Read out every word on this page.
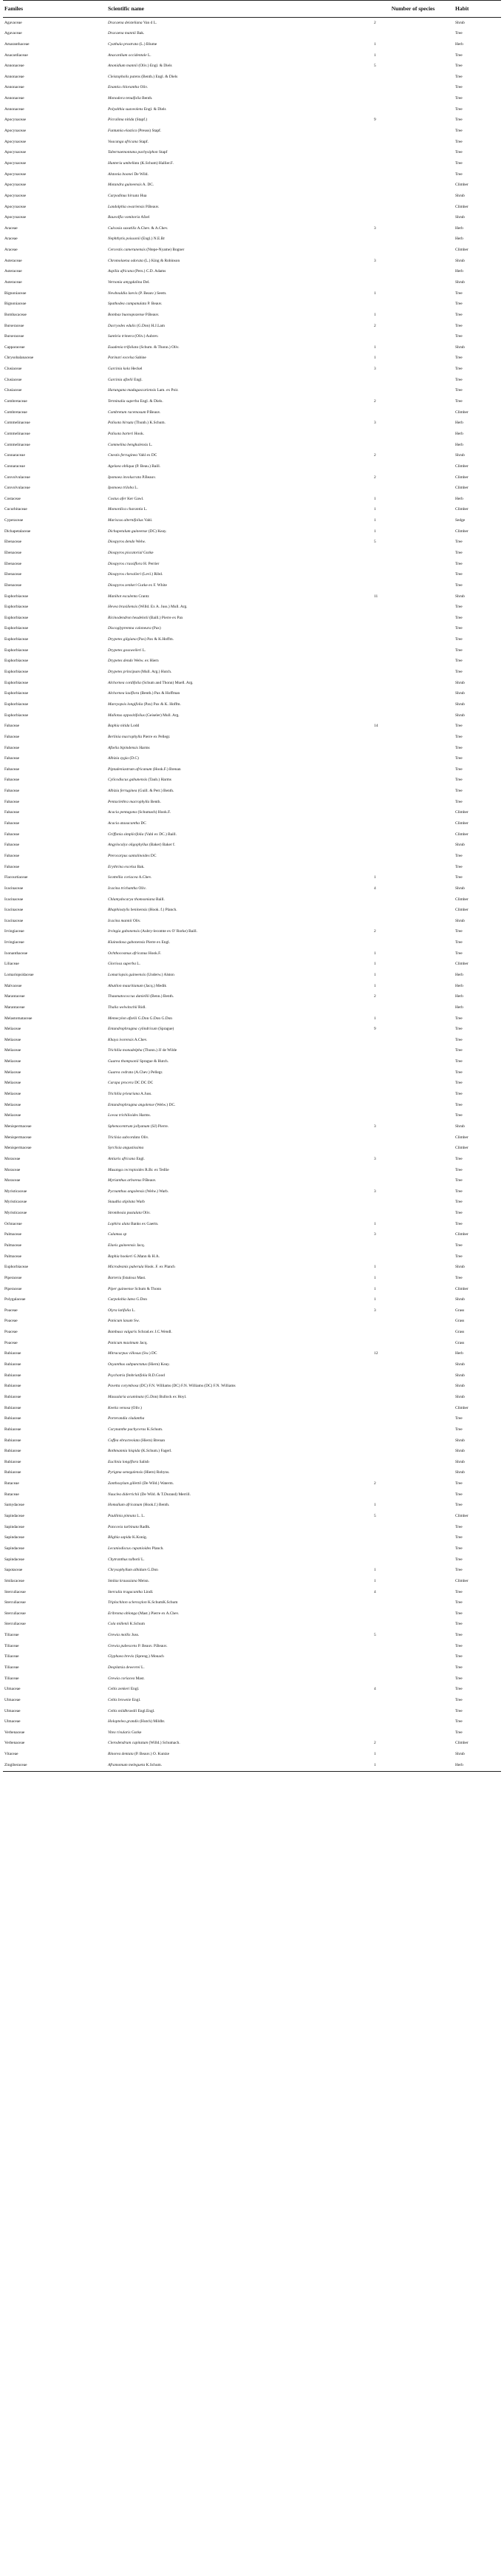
Familes	Scientific name	Number of species	Habit
Agavaceae	Dracaena deisteliana Van d L.	2	Shrub
Agavaceae	Dracaena mannii Bak.		Tree
Amaranthaceae	Cyathula prostrata (L.) Blume	1	Herb
Anacardiaceae	Anacardium occidentale L.	1	Tree
Annonaceae	Anonidium mannii (Oliv.) Engl. & Diels	5	Tree
Annonaceae	Cleistopholis patens (Benth.) Engl. & Diels		Tree
Annonaceae	Enantia chlorantha Oliv.		Tree
Annonaceae	Monodora tenuifolia Benth.		Tree
Annonaceae	Polyalthia suaveolens Engl. & Diels		Tree
Apocynaceae	Picralima nitida (Stapf.)	9	Tree
Apocynaceae	Funtumia elastica (Preuss) Stapf.		Tree
Apocynaceae	Voacanga africana Stapf.		Tree
Apocynaceae	Tabernaemontana pachysiphon Stapf		Tree
Apocynaceae	Hunteria umbellata (K.Schum) Hallier.F.		Tree
Apocynaceae	Alstonia boonei De Wild.		Tree
Apocynaceae	Motandra guineensis A. DC.		Climber
Apocynaceae	Carpodinus hirsuta Hua		Shrub
Apocynaceae	Landolphia owariensis P.Beauv.		Climber
Apocynaceae	Rauvolfia vomitoria Afzel		Shrub
Araceae	Culcasia saxatilis A.Chev. & A.Chev.	3	Herb
Araceae	Nephthytis poissonii (Engl.) N.E.Br		Herb
Araceae	Cercestis camerunensis (Ntepe-Nyame) Bogner		Climber
Asteraceae	Chromolaena odorata (L.) King & Robinson	3	Shrub
Asteraceae	Aspilia africana (Pers.) C.D. Adams		Herb
Asteraceae	Vernonia amygdalina Del.		Shrub
Bignoniaceae	Newbouldia laevis (P. Beauv.) Seem.	1	Tree
Bignoniaceae	Spathodea campanulata P. Beauv.		Tree
Bombacaceae	Bombax buonopozense P.Beauv.	1	Tree
Burseraceae	Dacryodes edulis (G.Don) H.J.Lam	2	Tree
Burseraceae	Santiria trimera (Oliv.) Aubrev.		Tree
Capparaceae	Euadenia trifoliata (Schum. & Thonn.) Oliv.	1	Shrub
Chrysobalanaceae	Parinari excelsa Sabine	1	Tree
Clusiaceae	Garcinia kola Heckel	3	Tree
Clusiaceae	Garcinia afzelii Engl.		Tree
Clusiaceae	Harungana madagascariensis Lam. ex Poir.		Tree
Combretaceae	Terminalia superba Engl. & Diels.	2	Tree
Combretaceae	Combretum racemosum P.Beauv.		Climber
Commelinaceae	Palisota hirsuta (Thunb.) K.Schum.	3	Herb
Commelinaceae	Palisota barteri Hook.		Herb
Commelinaceae	Commelina benghalensis L.		Herb
Connaraceae	Cnestis ferruginea Vahl ex DC	2	Shrub
Connaraceae	Agelaea obliqua (P. Beau.) Baill.		Climber
Convolvulaceae	Ipomoea involucrata P.Beauv.	2	Climber
Convolvulaceae	Ipomoea triloba L.		Climber
Costaceae	Costus afer Ker Gawl.	1	Herb
Cucurbitaceae	Momordica charantia L.	1	Climber
Cyperaceae	Mariscus alternifolius Vahl.	1	Sedge
Dichapetalaceae	Dichapetalum guineense (DC) Keay.	1	Climber
Ebenaceae	Diospyros dendo Welw.	5	Tree
Ebenaceae	Diospyros piscatorial Gurke		Tree
Ebenaceae	Diospyros crassiflora H. Perrier		Tree
Ebenaceae	Diospyros chevalieri (Levl.) Ribd.		Tree
Ebenaceae	Diospyros zenkeri Gurke ex F. White		Tree
Euphorbiaceae	Manihot esculenta Crantz	11	Shrub
Euphorbiaceae	Hevea brasiliensis (Willd. Ex A. Juss.) Mull. Arg.		Tree
Euphorbiaceae	Ricinodendron heudelotii (Baill.) Pierre ex Pax		Tree
Euphorbiaceae	Discoglypremna caloneura (Pax)		Tree
Euphorbiaceae	Drypetes gilgiana (Pax) Pax & K.Hoffm.		Tree
Euphorbiaceae	Drypetes gossweileri L.		Tree
Euphorbiaceae	Drypetes dendo Welw. ex Hiern		Tree
Euphorbiaceae	Drypetes principum (Mull. Arg.) Hutch.		Tree
Euphorbiaceae	Alchornea cordifolia (Schum and Thonn) Muell. Arg.		Shrub
Euphorbiaceae	Alchornea laxiflora (Benth.) Pax & Hoffman		Shrub
Euphorbiaceae	Mareyopsis longifolia (Pax) Pax & K. Hoffm.		Shrub
Euphorbiaceae	Mallotus oppositifolius (Geiseler) Mull. Arg.		Shrub
Fabaceae	Baphia nitida Lodd	14	Tree
Fabaceae	Berlinia macrophylla Pierre ex Pellegr.		Tree
Fabaceae	Afzelia bipindensis Harms		Tree
Fabaceae	Albizia zygia (D.C)		Tree
Fabaceae	Piptadeniastrum africanum (Hook.F.) Brenan		Tree
Fabaceae	Cylicodiscus gabunensis (Taub.) Harms		Tree
Fabaceae	Albizia ferruginea (Guill. & Perr.) Benth.		Tree
Fabaceae	Pentaclethra macrophylla Benth.		Tree
Fabaceae	Acacia pentagona (Schumach) Hook.F.		Climber
Fabaceae	Acacia ataxacantha DC		Climber
Fabaceae	Griffonia simplicifolia (Vahl ex DC.) Baill.		Climber
Fabaceae	Angylocalyx oligophyllus (Baker) Baker f.		Shrub
Fabaceae	Pterocarpus santalinoides DC		Tree
Fabaceae	Erythrina excelsa Bak.		Tree
Flacourtiaceae	Scottellia coriacea A.Chev.	1	Tree
Icacinaceae	Icacina trichantha Oliv.	4	Shrub
Icacinaceae	Chlamydocarya thomsoniana Baill.		Climber
Icacinaceae	Rhaphiostylis beninensis (Hook. f.) Planch.		Climber
Icacinaceae	Icacina mannii Oliv.		Shrub
Irvingiaceae	Irvingia gabonensis (Aubry-lecomte ex O' Rorke) Baill.	2	Tree
Irvingiaceae	Klainedoxa gabonensis Pierre ex Engl.		Tree
Ixonanthaceae	Ochthocosmus africanus Hook.F.	1	Tree
Liliaceae	Gloriosa superba L.	1	Climber
Lomariopsidaceae	Lomariopsis guineensis (Underw.) Alston	1	Herb
Malvaceae	Abutilon mauritianum (Jacq.) Medik	1	Herb
Marantaceae	Thaumatococcus daniellii (Benn.) Benth.	2	Herb
Marantaceae	Thalia welwitschii Ridl.		Herb
Melastomataceae	Memecylon afzelii G.Don G.Don G.Don	1	Tree
Meliaceae	Entandrophragma cylindricum (Sprague)	9	Tree
Meliaceae	Khaya ivorensis A.Chev.		Tree
Meliaceae	Trichilia monadelpha (Thonn.) JJ de Wilde		Tree
Meliaceae	Guarea thompsonii Sprague & Hutch.		Tree
Meliaceae	Guarea cedrata (A.Chev.) Pellegr.		Tree
Meliaceae	Carapa procera DC DC DC		Tree
Meliaceae	Trichilia prieuriana A.Juss.		Tree
Meliaceae	Entandrophragma angolense (Welw.) DC.		Tree
Meliaceae	Lovoa trichilioides Harms.		Tree
Menispermaceae	Sphenocentrum jollyanum (SJ) Pierre.	3	Shrub
Menispermaceae	Triclisia subcordata Oliv.		Climber
Menispermaceae	Syrclisia angustissima		Climber
Moraceae	Antiaris africana Engl.	3	Tree
Moraceae	Musanga cecropioides R.Br. ex Tedlie		Tree
Moraceae	Myrianthus arboreus P.Beauv.		Tree
Myristicaceae	Pycnanthus angolensis (Welw.) Warb.	3	Tree
Myristicaceae	Staudtia stipitata Warb		Tree
Myristicaceae	Strombosia pustulata Oliv.		Tree
Ochnaceae	Lophira alata Banks ex Gaertn.	1	Tree
Palmaceae	Calamus sp	3	Climber
Palmaceae	Elaeis guineensis Jacq.		Tree
Palmaceae	Raphia hookeri G.Mann & H.A.		Tree
Euphorbiaceae	Microdesmis puberula Hook .F. ex Planch	1	Shrub
Piperaceae	Barteria fistulosa Mast.	1	Tree
Piperaceae	Piper guineense Schum & Thonn	1	Climber
Polygalaceae	Carpolobia lutea G.Don	1	Shrub
Poaceae	Olyra latifolia L.	3	Grass
Poaceae	Panicum laxum Sw.		Grass
Poaceae	Bambusa vulgaris Schrad.ex J.C.Wendl.		Grass
Poaceae	Panicum maximum Jacq.		Grass
Rubiaceae	Mitracarpus villosus (Sw.) DC	12	Herb
Rubiaceae	Oxyanthus subpunctatus (Hiern) Keay.		Shrub
Rubiaceae	Psychotria fimbriatifolia R.D.Good		Shrub
Rubiaceae	Pavetta corymbosa (DC) F.N. Williams (DC) F.N. Williams (DC) F.N. Williams		Shrub
Rubiaceae	Massularia acuminata (G.Don) Bullock ex Hoyl.		Shrub
Rubiaceae	Keetia venosa (Oliv.)		Climber
Rubiaceae	Porterandia cladantha		Tree
Rubiaceae	Corynanthe pachyceras K.Schum.		Tree
Rubiaceae	Coffea ebracteolata (Hiern) Brenan		Shrub
Rubiaceae	Rothmannia hispida (K.Schum.) Fagerl.		Shrub
Rubiaceae	Euclinia longiflora Salisb		Shrub
Rubiaceae	Pyrigma senegalensis (Hiern) Robyns.		Shrub
Rutaceae	Zanthoxylum gillettii (De Wild.) Waterm.	2	Tree
Rutaceae	Nauclea diderrichii (De Wild. & T.Durand) Merrill.		Tree
Samydaceae	Homalium africanum (Hook.f.) Benth.	1	Tree
Sapindaceae	Paullinia pinnata L. L.	5	Climber
Sapindaceae	Pancovia turbinata Radlk.		Tree
Sapindaceae	Blighia sapida K.Konig.		Tree
Sapindaceae	Lecaniodiscus cupanioides Planch.		Tree
Sapindaceae	Chytranthus talbotii L.		Tree
Sapotaceae	Chrysophyllum albidum G.Don	1	Tree
Smilacaceae	Smilax kraussiana Meisn.	1	Climber
Sterculiaceae	Sterculia tragacantha Lindl.	4	Tree
Sterculiaceae	Triplochiton scleroxylon K.SchumK.Schum		Tree
Sterculiaceae	Eribroma oblonga (Mast.) Pierre ex A.Chev.		Tree
Sterculiaceae	Cola millenii K.Schum		Tree
Tiliaceae	Grewia mollis Juss.	5	Tree
Tiliaceae	Grewia pubescens P. Beauv. P.Beauv.		Tree
Tiliaceae	Glyphaea brevis (Spreng.) Monach		Tree
Tiliaceae	Desplatsia dewevrei L.		Tree
Tiliaceae	Grewia coriacea Mast.		Tree
Ulmaceae	Celtis zenkeri Engl.	4	Tree
Ulmaceae	Celtis brownie Engl.		Tree
Ulmaceae	Celtis mildbraedii Engl.Engl.		Tree
Ulmaceae	Holoptelea grandis (Hutch) Mildbr.		Tree
Verbenaceae	Vitex rivularis Gurke		Tree
Verbenaceae	Clerodendrum capitatum (Willd.) Schumach.	2	Climber
Vitaceae	Rinorea dentata (P. Beauv.) O. Kuntze	1	Shrub
Zingiberaceae	Aframomum melegueta K.Schum.	1	Herb
